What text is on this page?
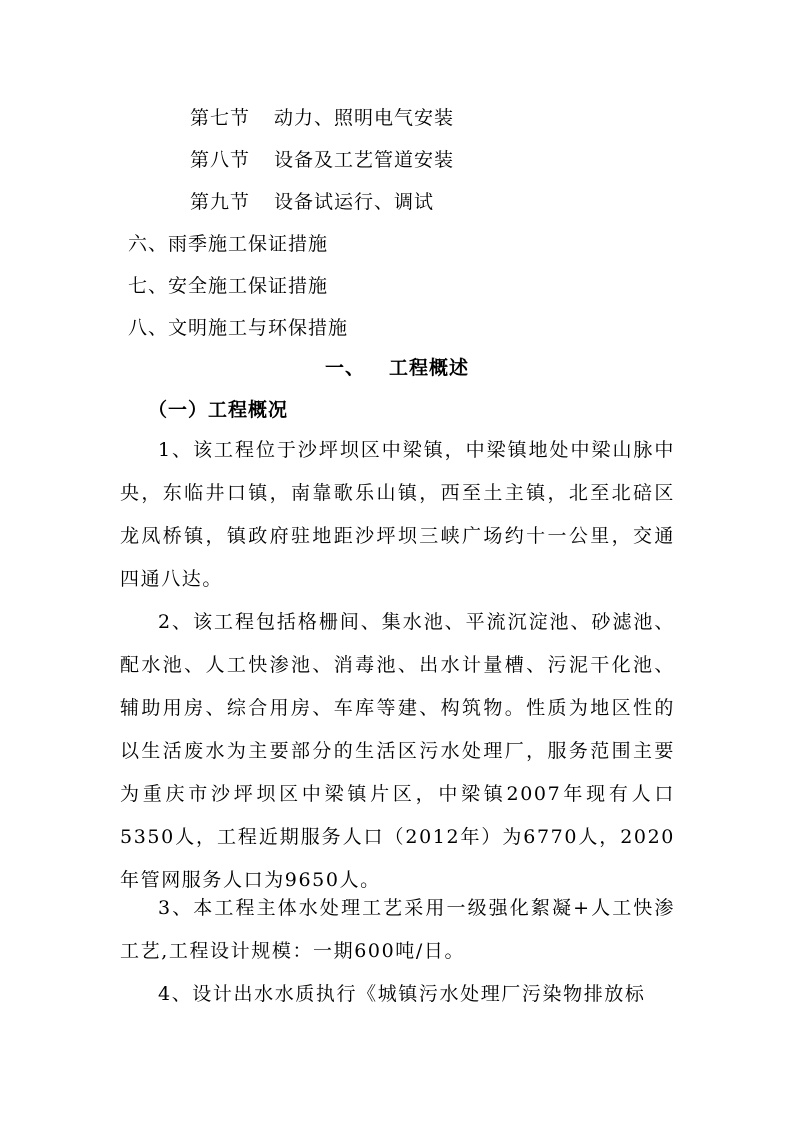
第七节 动力、照明电气安装
第八节 设备及工艺管道安装
第九节 设备试运行、调试
六、雨季施工保证措施
七、安全施工保证措施
八、文明施工与环保措施
一、 工程概述
（一）工程概况

1、该工程位于沙坪坝区中梁镇，中梁镇地处中梁山脉中央，东临井口镇，南靠歌乐山镇，西至土主镇，北至北碚区龙凤桥镇，镇政府驻地距沙坪坝三峡广场约十一公里，交通四通八达。

2、该工程包括格栅间、集水池、平流沉淀池、砂滤池、配水池、人工快渗池、消毒池、出水计量槽、污泥干化池、辅助用房、综合用房、车库等建、构筑物。性质为地区性的以生活废水为主要部分的生活区污水处理厂，服务范围主要为重庆市沙坪坝区中梁镇片区，中梁镇2007年现有人口5350人，工程近期服务人口（2012年）为6770人，2020年管网服务人口为9650人。

3、本工程主体水处理工艺采用一级强化絮凝+人工快渗工艺,工程设计规模：一期600吨/日。

4、设计出水水质执行《城镇污水处理厂污染物排放标
